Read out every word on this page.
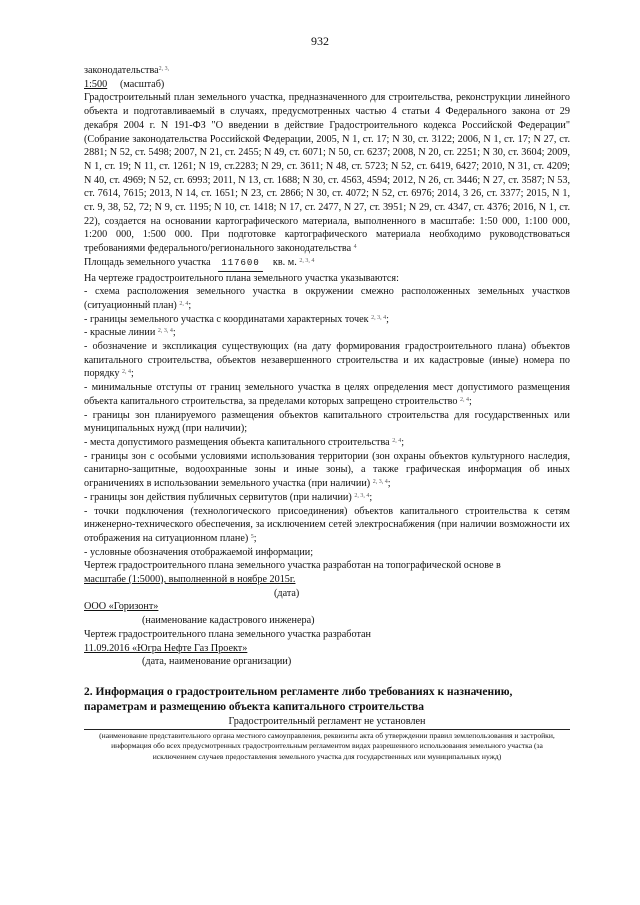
932

законодательства$^{2, 3,}$

1:500 (масштаб)

Градостроительный план земельного участка, предназначенного для строительства, реконструкции линейного объекта и подготавливаемый в случаях, предусмотренных частью 4 статьи 4 Федерального закона от 29 декабря 2004 г. N 191-ФЗ "О введении в действие Градостроительного кодекса Российской Федерации" (Собрание законодательства Российской Федерации, 2005, N 1, ст. 17; N 30, ст. 3122; 2006, N 1, ст. 17; N 27, ст. 2881; N 52, ст. 5498; 2007, N 21, ст. 2455; N 49, ст. 6071; N 50, ст. 6237; 2008, N 20, ст. 2251; N 30, ст. 3604; 2009, N 1, ст. 19; N 11, ст. 1261; N 19, ст.2283; N 29, ст. 3611; N 48, ст. 5723; N 52, ст. 6419, 6427; 2010, N 31, ст. 4209; N 40, ст. 4969; N 52, ст. 6993; 2011, N 13, ст. 1688; N 30, ст. 4563, 4594; 2012, N 26, ст. 3446; N 27, ст. 3587; N 53, ст. 7614, 7615; 2013, N 14, ст. 1651; N 23, ст. 2866; N 30, ст. 4072; N 52, ст. 6976; 2014, 3 26, ст. 3377; 2015, N 1, ст. 9, 38, 52, 72; N 9, ст. 1195; N 10, ст. 1418; N 17, ст. 2477, N 27, ст. 3951; N 29, ст. 4347, ст. 4376; 2016, N 1, ст. 22), создается на основании картографического материала, выполненного в масштабе: 1:50 000, 1:100 000, 1:200 000, 1:500 000. При подготовке картографического материала необходимо руководствоваться требованиями федерального/регионального законодательства $^4$

Площадь земельного участка 117600 кв. м. $^{2, 3, 4}$

На чертеже градостроительного плана земельного участка указываются:

- схема расположения земельного участка в окружении смежно расположенных земельных участков (ситуационный план) $^{2, 4}$;

- границы земельного участка с координатами характерных точек $^{2, 3, 4}$;

- красные линии $^{2, 3, 4}$;

- обозначение и экспликация существующих (на дату формирования градостроительного плана) объектов капитального строительства, объектов незавершенного строительства и их кадастровые (иные) номера по порядку $^{2, 4}$;

- минимальные отступы от границ земельного участка в целях определения мест допустимого размещения объекта капитального строительства, за пределами которых запрещено строительство $^{2, 4}$;

- границы зон планируемого размещения объектов капитального строительства для государственных или муниципальных нужд (при наличии);

- места допустимого размещения объекта капитального строительства $^{2, 4}$;

- границы зон с особыми условиями использования территории (зон охраны объектов культурного наследия, санитарно-защитные, водоохранные зоны и иные зоны), а также графическая информация об иных ограничениях в использовании земельного участка (при наличии) $^{2, 3, 4}$;

- границы зон действия публичных сервитутов (при наличии) $^{2, 3, 4}$;

- точки подключения (технологического присоединения) объектов капитального строительства к сетям инженерно-технического обеспечения, за исключением сетей электроснабжения (при наличии возможности их отображения на ситуационном плане) $^5$;

- условные обозначения отображаемой информации;

Чертеж градостроительного плана земельного участка разработан на топографической основе в

масштабе (1:5000), выполненной в ноябре 2015г.

(дата)

ООО «Горизонт»

(наименование кадастрового инженера)

Чертеж градостроительного плана земельного участка разработан

11.09.2016 «Югра Нефте Газ Проект»

(дата, наименование организации)

2. Информация о градостроительном регламенте либо требованиях к назначению, параметрам и размещению объекта капитального строительства

Градостроительный регламент не установлен

(наименование представительного органа местного самоуправления, реквизиты акта об утверждении правил землепользования и застройки, информация обо всех предусмотренных градостроительным регламентом видах разрешенного использования земельного участка (за исключением случаев предоставления земельного участка для государственных или муниципальных нужд)
